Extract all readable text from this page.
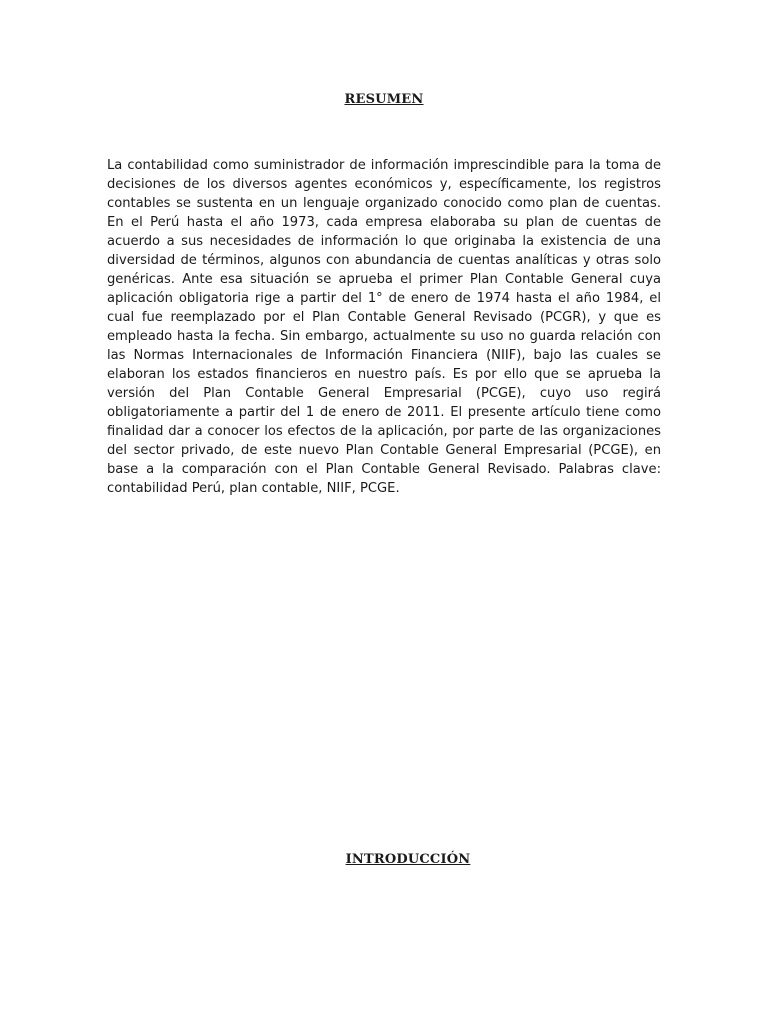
RESUMEN

La contabilidad como suministrador de información imprescindible para la toma de decisiones de los diversos agentes económicos y, específicamente, los registros contables se sustenta en un lenguaje organizado conocido como plan de cuentas. En el Perú hasta el año 1973, cada empresa elaboraba su plan de cuentas de acuerdo a sus necesidades de información lo que originaba la existencia de una diversidad de términos, algunos con abundancia de cuentas analíticas y otras solo genéricas. Ante esa situación se aprueba el primer Plan Contable General cuya aplicación obligatoria rige a partir del 1° de enero de 1974 hasta el año 1984, el cual fue reemplazado por el Plan Contable General Revisado (PCGR), y que es empleado hasta la fecha. Sin embargo, actualmente su uso no guarda relación con las Normas Internacionales de Información Financiera (NIIF), bajo las cuales se elaboran los estados financieros en nuestro país. Es por ello que se aprueba la versión del Plan Contable General Empresarial (PCGE), cuyo uso regirá obligatoriamente a partir del 1 de enero de 2011. El presente artículo tiene como finalidad dar a conocer los efectos de la aplicación, por parte de las organizaciones del sector privado, de este nuevo Plan Contable General Empresarial (PCGE), en base a la comparación con el Plan Contable General Revisado. Palabras clave: contabilidad Perú, plan contable, NIIF, PCGE.

INTRODUCCIÓN
